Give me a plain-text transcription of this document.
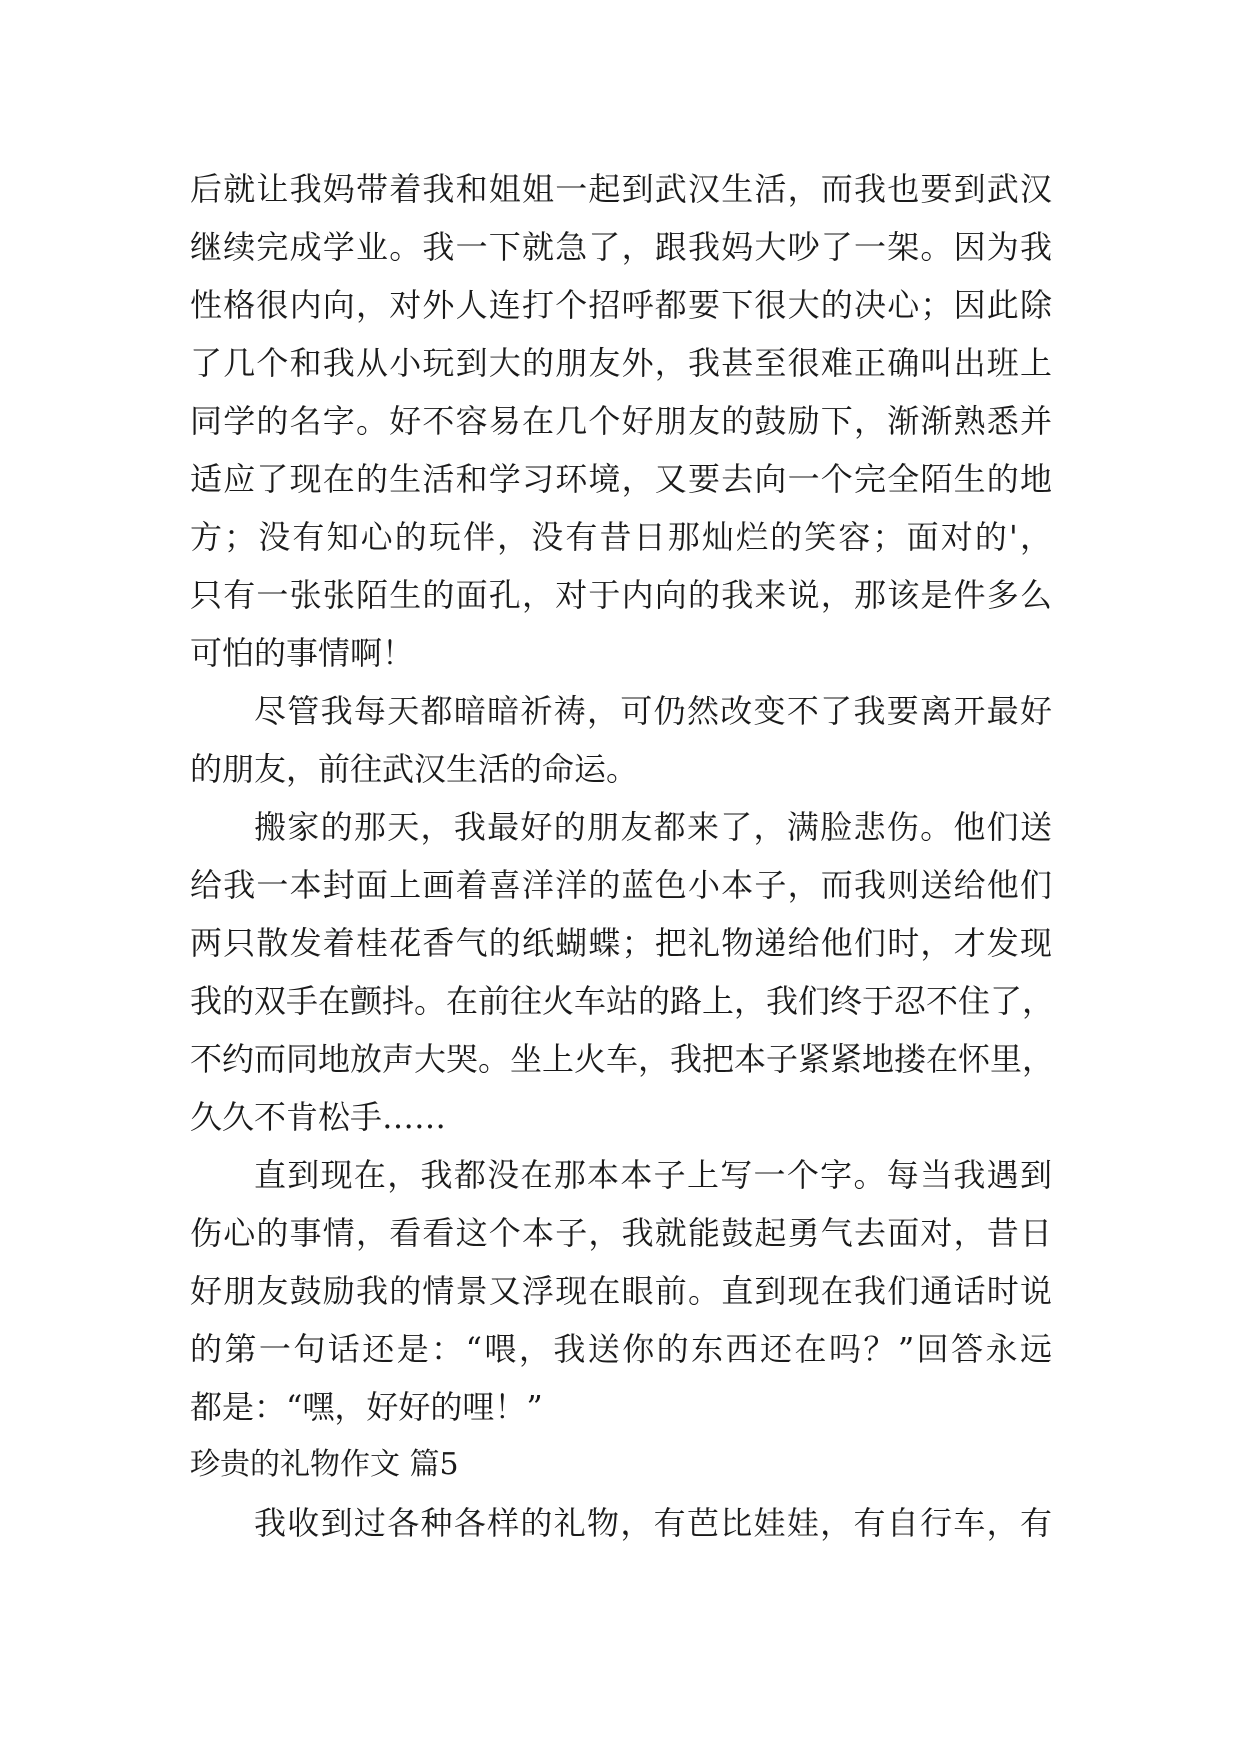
后就让我妈带着我和姐姐一起到武汉生活，而我也要到武汉
继续完成学业。我一下就急了，跟我妈大吵了一架。因为我
性格很内向，对外人连打个招呼都要下很大的决心；因此除
了几个和我从小玩到大的朋友外，我甚至很难正确叫出班上
同学的名字。好不容易在几个好朋友的鼓励下，渐渐熟悉并
适应了现在的生活和学习环境，又要去向一个完全陌生的地
方；没有知心的玩伴，没有昔日那灿烂的笑容；面对的'，
只有一张张陌生的面孔，对于内向的我来说，那该是件多么
可怕的事情啊！
尽管我每天都暗暗祈祷，可仍然改变不了我要离开最好
的朋友，前往武汉生活的命运。
搬家的那天，我最好的朋友都来了，满脸悲伤。他们送
给我一本封面上画着喜洋洋的蓝色小本子，而我则送给他们
两只散发着桂花香气的纸蝴蝶；把礼物递给他们时，才发现
我的双手在颤抖。在前往火车站的路上，我们终于忍不住了，
不约而同地放声大哭。坐上火车，我把本子紧紧地搂在怀里，
久久不肯松手……
直到现在，我都没在那本本子上写一个字。每当我遇到
伤心的事情，看看这个本子，我就能鼓起勇气去面对，昔日
好朋友鼓励我的情景又浮现在眼前。直到现在我们通话时说
的第一句话还是：“喂，我送你的东西还在吗？”回答永远
都是：“嘿，好好的哩！”
珍贵的礼物作文 篇5
我收到过各种各样的礼物，有芭比娃娃，有自行车，有
